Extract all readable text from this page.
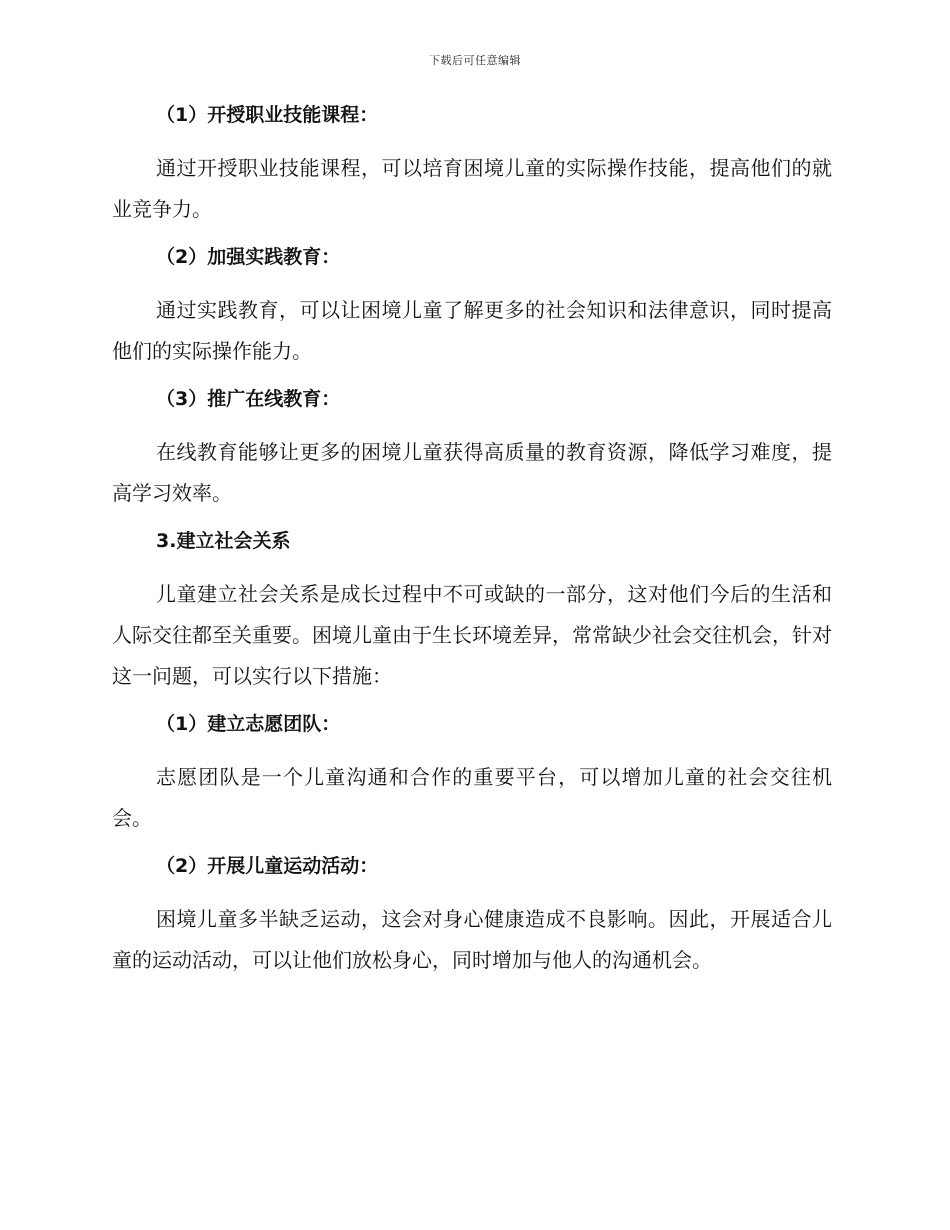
下载后可任意编辑
（1）开授职业技能课程：

通过开授职业技能课程，可以培育困境儿童的实际操作技能，提高他们的就业竞争力。

（2）加强实践教育：

通过实践教育，可以让困境儿童了解更多的社会知识和法律意识，同时提高他们的实际操作能力。

（3）推广在线教育：

在线教育能够让更多的困境儿童获得高质量的教育资源，降低学习难度，提高学习效率。

3.建立社会关系

儿童建立社会关系是成长过程中不可或缺的一部分，这对他们今后的生活和人际交往都至关重要。困境儿童由于生长环境差异，常常缺少社会交往机会，针对这一问题，可以实行以下措施：

（1）建立志愿团队：

志愿团队是一个儿童沟通和合作的重要平台，可以增加儿童的社会交往机会。

（2）开展儿童运动活动：

困境儿童多半缺乏运动，这会对身心健康造成不良影响。因此，开展适合儿童的运动活动，可以让他们放松身心，同时增加与他人的沟通机会。
